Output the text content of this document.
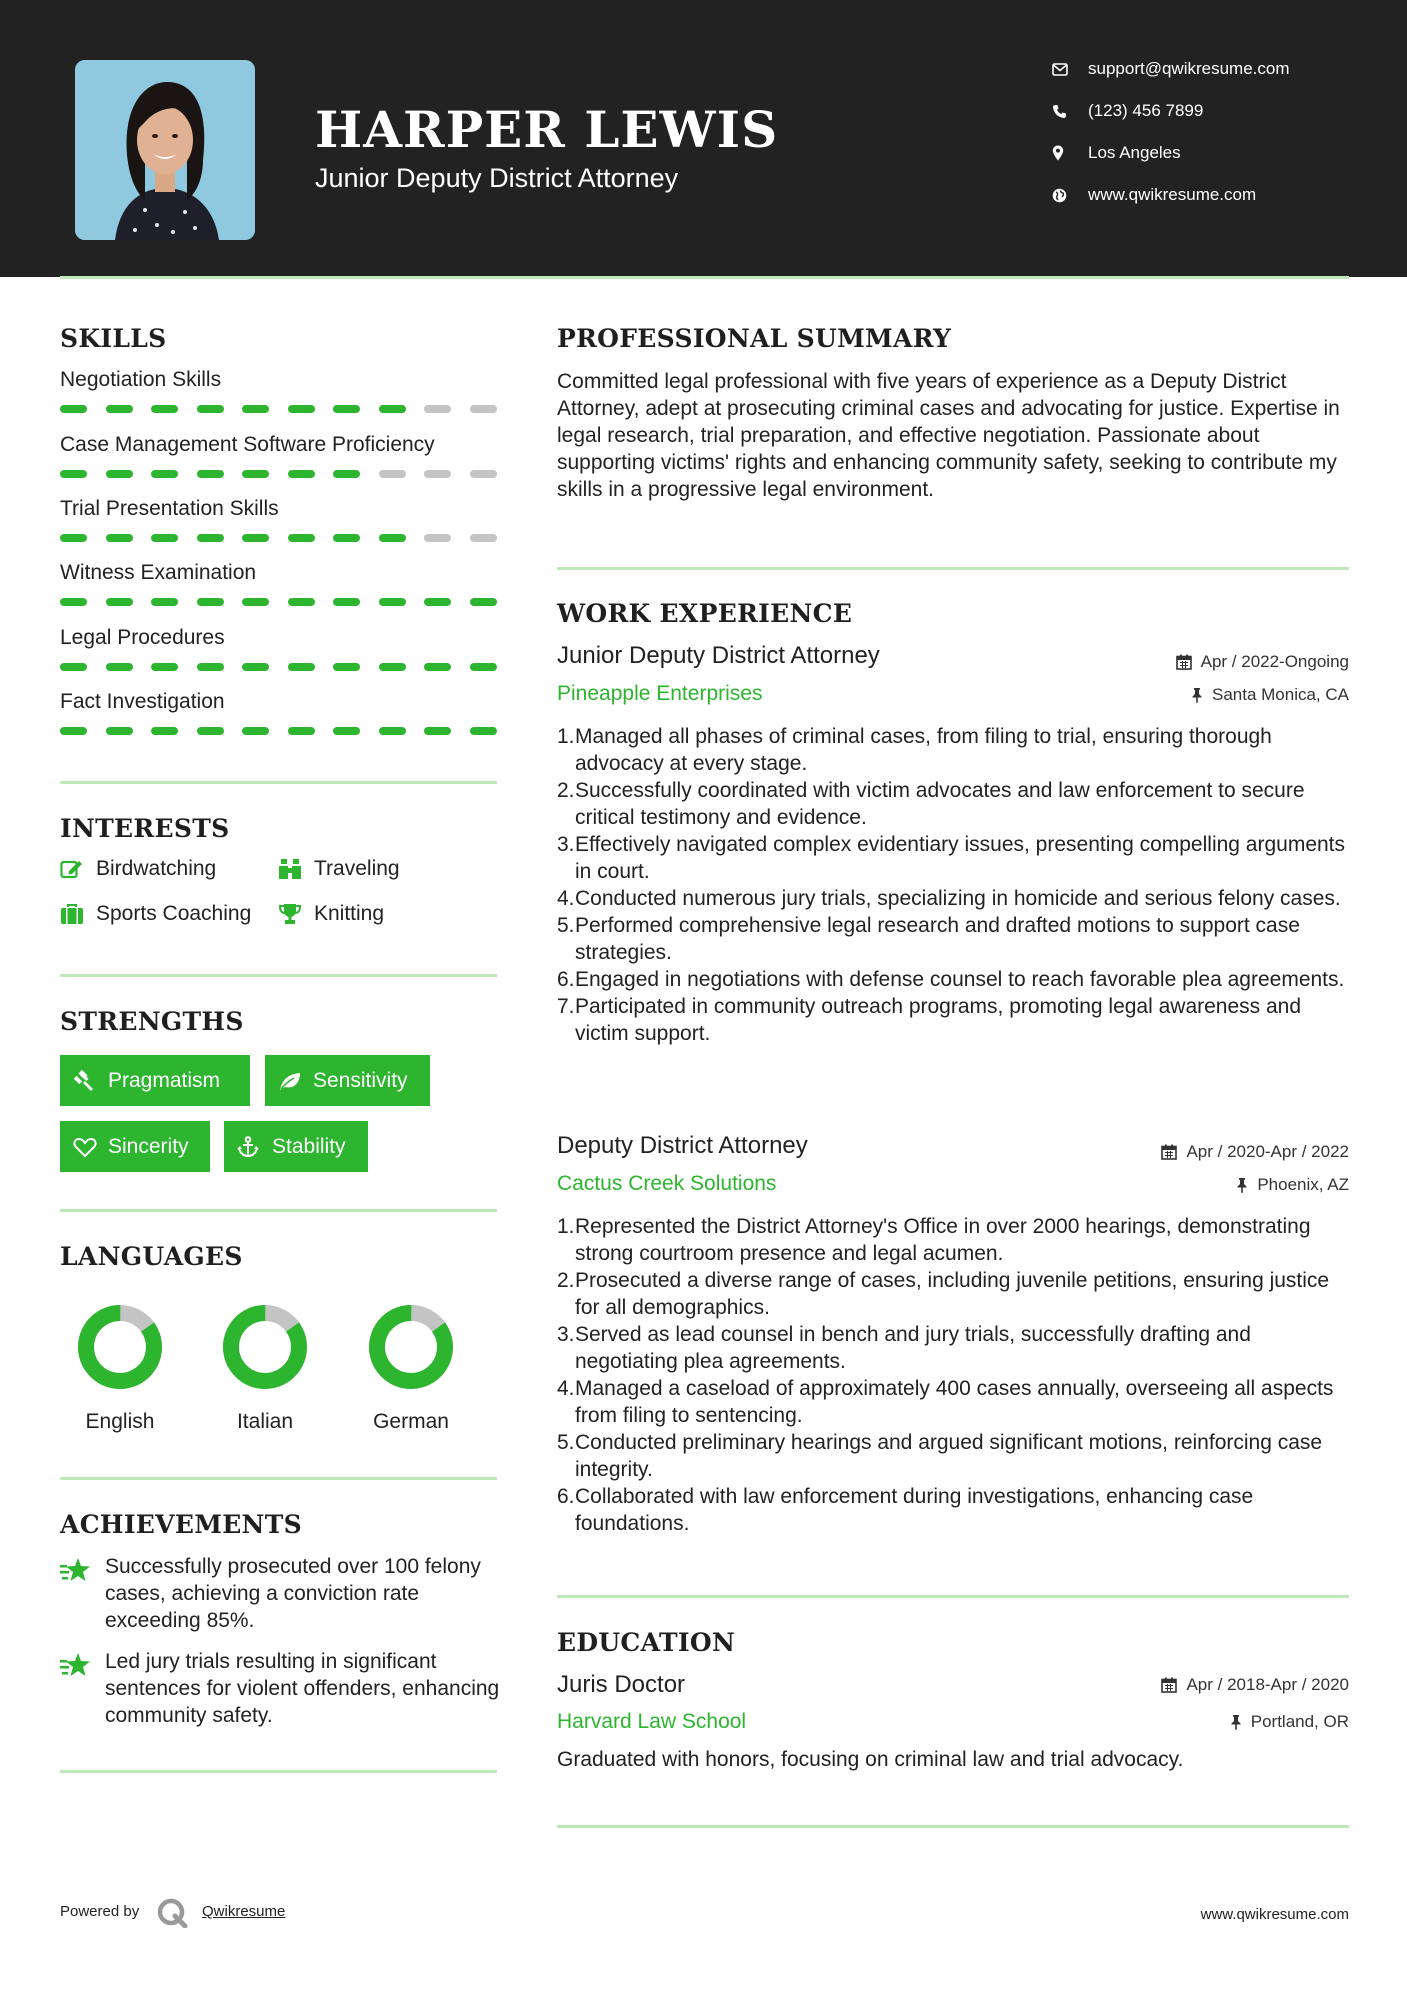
HARPER LEWIS
Junior Deputy District Attorney
support@qwikresume.com
(123) 456 7899
Los Angeles
www.qwikresume.com
SKILLS
Negotiation Skills
Case Management Software Proficiency
Trial Presentation Skills
Witness Examination
Legal Procedures
Fact Investigation
INTERESTS
Birdwatching	Traveling
Sports Coaching	Knitting
STRENGTHS
Pragmatism	Sensitivity
Sincerity	Stability
LANGUAGES
English	Italian	German
ACHIEVEMENTS
Successfully prosecuted over 100 felony cases, achieving a conviction rate exceeding 85%.
Led jury trials resulting in significant sentences for violent offenders, enhancing community safety.
PROFESSIONAL SUMMARY
Committed legal professional with five years of experience as a Deputy District Attorney, adept at prosecuting criminal cases and advocating for justice. Expertise in legal research, trial preparation, and effective negotiation. Passionate about supporting victims' rights and enhancing community safety, seeking to contribute my skills in a progressive legal environment.
WORK EXPERIENCE
Junior Deputy District Attorney	Apr / 2022-Ongoing
Pineapple Enterprises	Santa Monica, CA
1. Managed all phases of criminal cases, from filing to trial, ensuring thorough advocacy at every stage.
2. Successfully coordinated with victim advocates and law enforcement to secure critical testimony and evidence.
3. Effectively navigated complex evidentiary issues, presenting compelling arguments in court.
4. Conducted numerous jury trials, specializing in homicide and serious felony cases.
5. Performed comprehensive legal research and drafted motions to support case strategies.
6. Engaged in negotiations with defense counsel to reach favorable plea agreements.
7. Participated in community outreach programs, promoting legal awareness and victim support.
Deputy District Attorney	Apr / 2020-Apr / 2022
Cactus Creek Solutions	Phoenix, AZ
1. Represented the District Attorney's Office in over 2000 hearings, demonstrating strong courtroom presence and legal acumen.
2. Prosecuted a diverse range of cases, including juvenile petitions, ensuring justice for all demographics.
3. Served as lead counsel in bench and jury trials, successfully drafting and negotiating plea agreements.
4. Managed a caseload of approximately 400 cases annually, overseeing all aspects from filing to sentencing.
5. Conducted preliminary hearings and argued significant motions, reinforcing case integrity.
6. Collaborated with law enforcement during investigations, enhancing case foundations.
EDUCATION
Juris Doctor	Apr / 2018-Apr / 2020
Harvard Law School	Portland, OR
Graduated with honors, focusing on criminal law and trial advocacy.
Powered by	Qwikresume	www.qwikresume.com
